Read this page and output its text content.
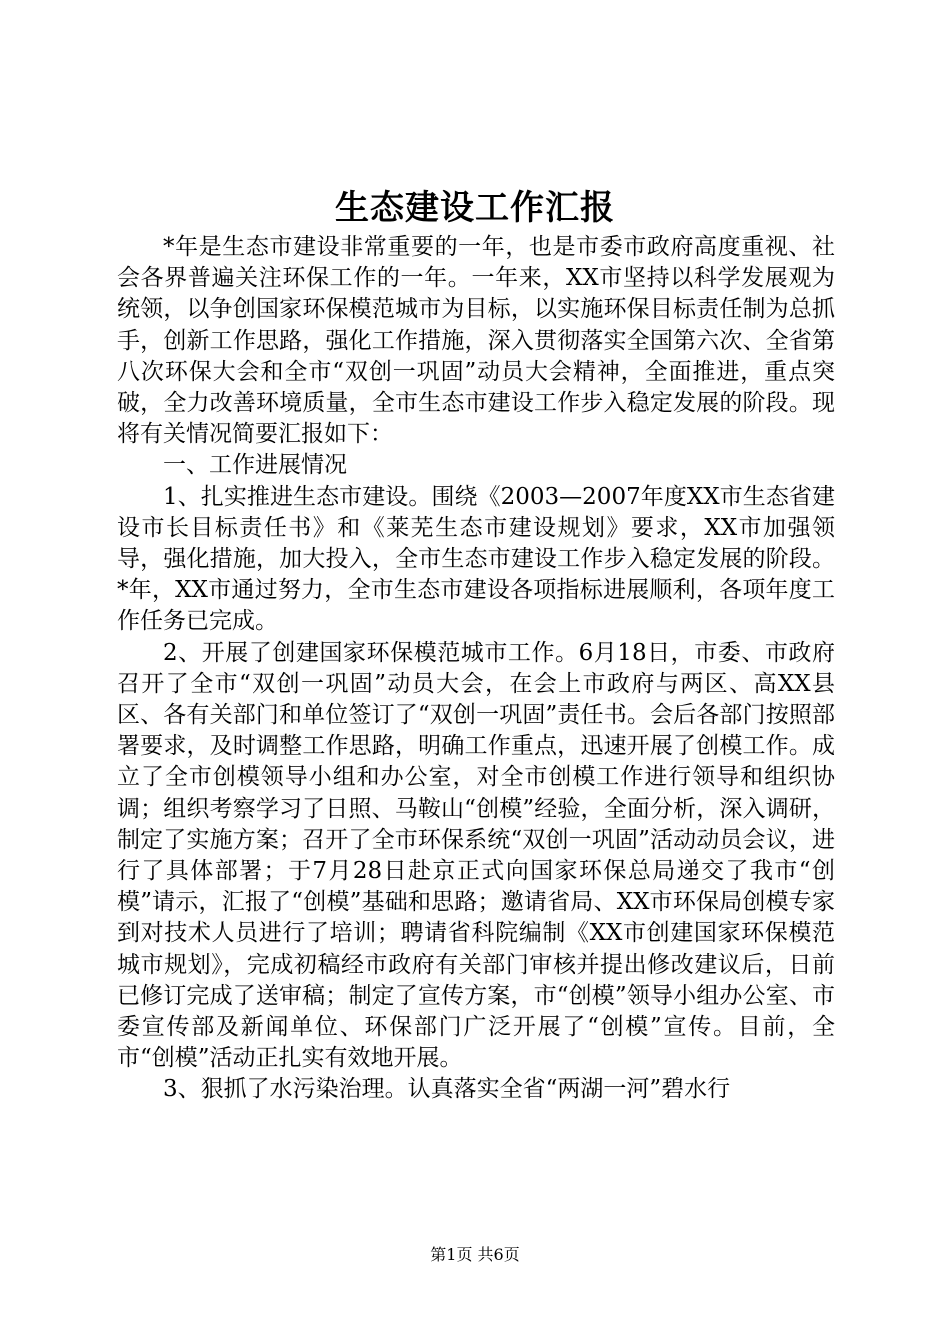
生态建设工作汇报

*年是生态市建设非常重要的一年，也是市委市政府高度重视、社会各界普遍关注环保工作的一年。一年来，XX市坚持以科学发展观为统领，以争创国家环保模范城市为目标，以实施环保目标责任制为总抓手，创新工作思路，强化工作措施，深入贯彻落实全国第六次、全省第八次环保大会和全市“双创一巩固”动员大会精神，全面推进，重点突破，全力改善环境质量，全市生态市建设工作步入稳定发展的阶段。现将有关情况简要汇报如下：

一、工作进展情况

1、扎实推进生态市建设。围绕《2003—2007年度XX市生态省建设市长目标责任书》和《莱芜生态市建设规划》要求，XX市加强领导，强化措施，加大投入，全市生态市建设工作步入稳定发展的阶段。*年，XX市通过努力，全市生态市建设各项指标进展顺利，各项年度工作任务已完成。

2、开展了创建国家环保模范城市工作。6月18日，市委、市政府召开了全市“双创一巩固”动员大会，在会上市政府与两区、高XX县区、各有关部门和单位签订了“双创一巩固”责任书。会后各部门按照部署要求，及时调整工作思路，明确工作重点，迅速开展了创模工作。成立了全市创模领导小组和办公室，对全市创模工作进行领导和组织协调；组织考察学习了日照、马鞍山“创模”经验，全面分析，深入调研，制定了实施方案；召开了全市环保系统“双创一巩固”活动动员会议，进行了具体部署；于7月28日赴京正式向国家环保总局递交了我市“创模”请示，汇报了“创模”基础和思路；邀请省局、XX市环保局创模专家到对技术人员进行了培训；聘请省科院编制《XX市创建国家环保模范城市规划》，完成初稿经市政府有关部门审核并提出修改建议后，日前已修订完成了送审稿；制定了宣传方案，市“创模”领导小组办公室、市委宣传部及新闻单位、环保部门广泛开展了“创模”宣传。目前，全市“创模”活动正扎实有效地开展。

3、狠抓了水污染治理。认真落实全省“两湖一河”碧水行

第1页 共6页
